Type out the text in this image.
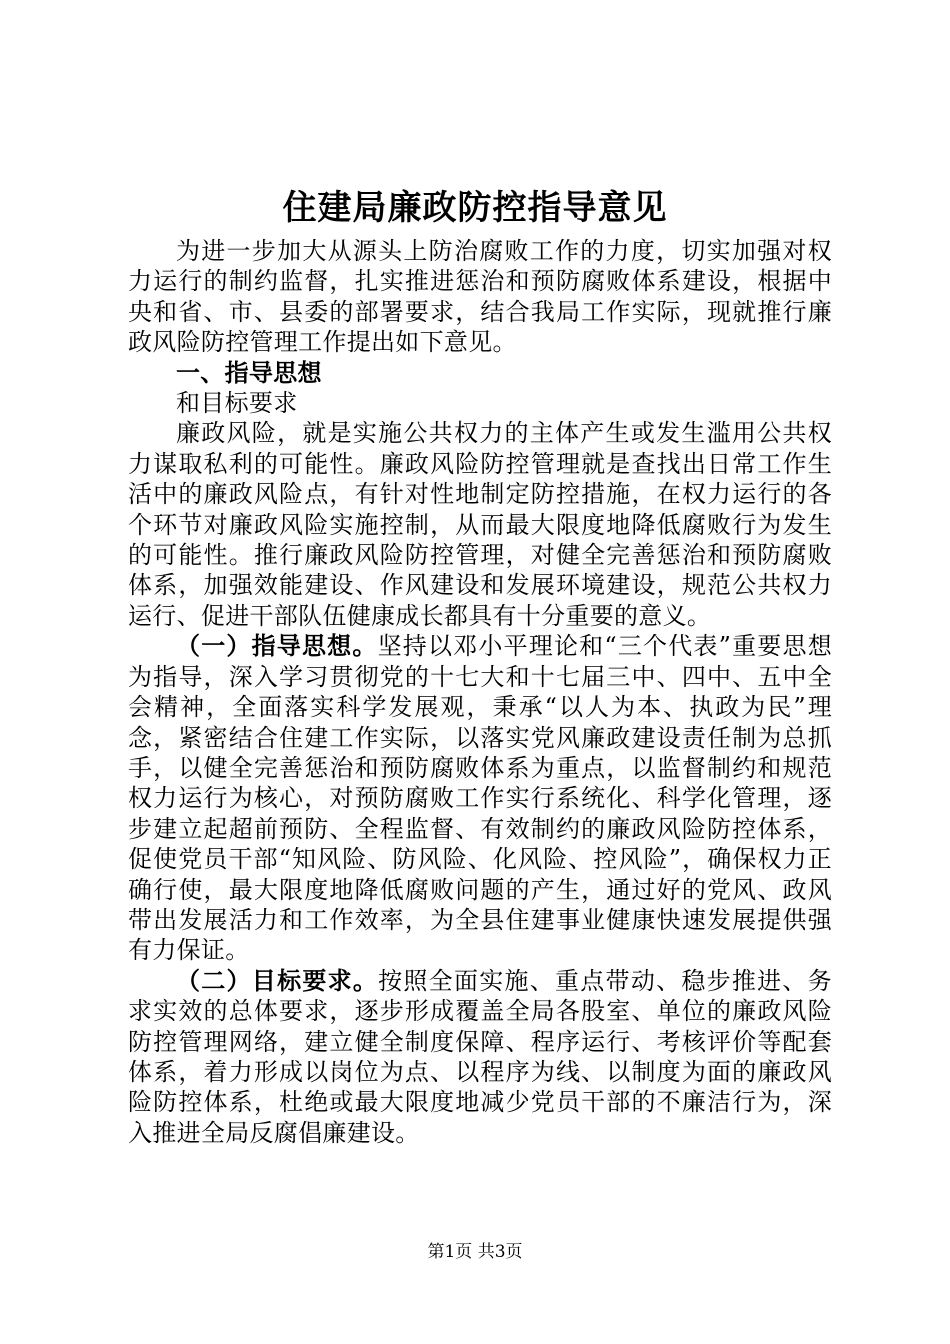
住建局廉政防控指导意见

为进一步加大从源头上防治腐败工作的力度，切实加强对权力运行的制约监督，扎实推进惩治和预防腐败体系建设，根据中央和省、市、县委的部署要求，结合我局工作实际，现就推行廉政风险防控管理工作提出如下意见。

一、指导思想

和目标要求

廉政风险，就是实施公共权力的主体产生或发生滥用公共权力谋取私利的可能性。廉政风险防控管理就是查找出日常工作生活中的廉政风险点，有针对性地制定防控措施，在权力运行的各个环节对廉政风险实施控制，从而最大限度地降低腐败行为发生的可能性。推行廉政风险防控管理，对健全完善惩治和预防腐败体系，加强效能建设、作风建设和发展环境建设，规范公共权力运行、促进干部队伍健康成长都具有十分重要的意义。

（一）指导思想。坚持以邓小平理论和“三个代表”重要思想为指导，深入学习贯彻党的十七大和十七届三中、四中、五中全会精神，全面落实科学发展观，秉承“以人为本、执政为民”理念，紧密结合住建工作实际，以落实党风廉政建设责任制为总抓手，以健全完善惩治和预防腐败体系为重点，以监督制约和规范权力运行为核心，对预防腐败工作实行系统化、科学化管理，逐步建立起超前预防、全程监督、有效制约的廉政风险防控体系，促使党员干部“知风险、防风险、化风险、控风险”，确保权力正确行使，最大限度地降低腐败问题的产生，通过好的党风、政风带出发展活力和工作效率，为全县住建事业健康快速发展提供强有力保证。

（二）目标要求。按照全面实施、重点带动、稳步推进、务求实效的总体要求，逐步形成覆盖全局各股室、单位的廉政风险防控管理网络，建立健全制度保障、程序运行、考核评价等配套体系，着力形成以岗位为点、以程序为线、以制度为面的廉政风险防控体系，杜绝或最大限度地减少党员干部的不廉洁行为，深入推进全局反腐倡廉建设。

第1页 共3页
